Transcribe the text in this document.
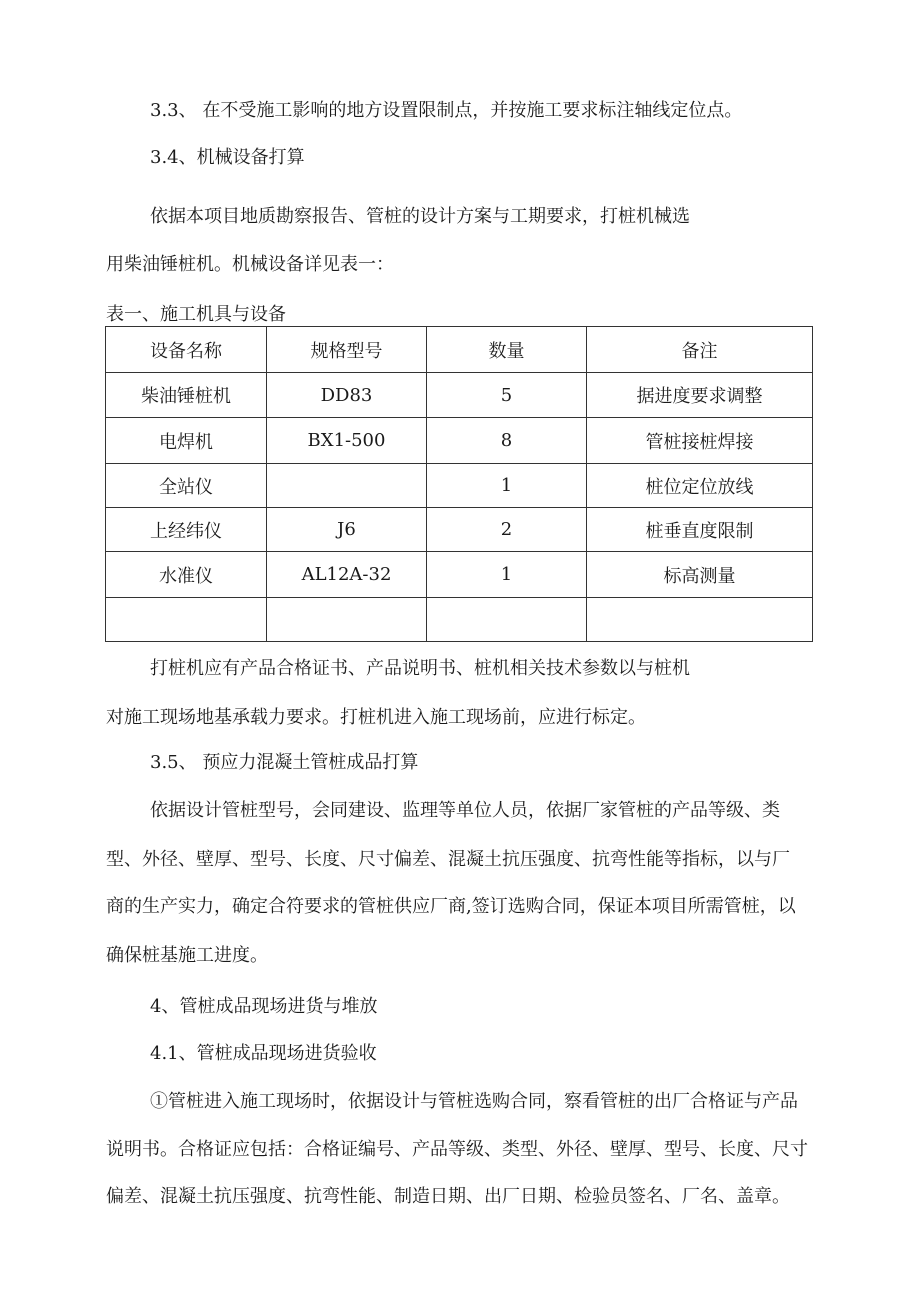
3.3、 在不受施工影响的地方设置限制点，并按施工要求标注轴线定位点。
3.4、机械设备打算
依据本项目地质勘察报告、管桩的设计方案与工期要求，打桩机械选
用柴油锤桩机。机械设备详见表一：
表一、施工机具与设备
设备名称	规格型号	数量	备注
柴油锤桩机	DD83	5	据进度要求调整
电焊机	BX1-500	8	管桩接桩焊接
全站仪		1	桩位定位放线
上经纬仪	J6	2	桩垂直度限制
水准仪	AL12A-32	1	标高测量

打桩机应有产品合格证书、产品说明书、桩机相关技术参数以与桩机
对施工现场地基承载力要求。打桩机进入施工现场前，应进行标定。
3.5、 预应力混凝土管桩成品打算
依据设计管桩型号，会同建设、监理等单位人员，依据厂家管桩的产品等级、类
型、外径、壁厚、型号、长度、尺寸偏差、混凝土抗压强度、抗弯性能等指标，以与厂
商的生产实力，确定合符要求的管桩供应厂商,签订选购合同，保证本项目所需管桩，以
确保桩基施工进度。
4、管桩成品现场进货与堆放
4.1、管桩成品现场进货验收
①管桩进入施工现场时，依据设计与管桩选购合同，察看管桩的出厂合格证与产品
说明书。合格证应包括：合格证编号、产品等级、类型、外径、壁厚、型号、长度、尺寸
偏差、混凝土抗压强度、抗弯性能、制造日期、出厂日期、检验员签名、厂名、盖章。
